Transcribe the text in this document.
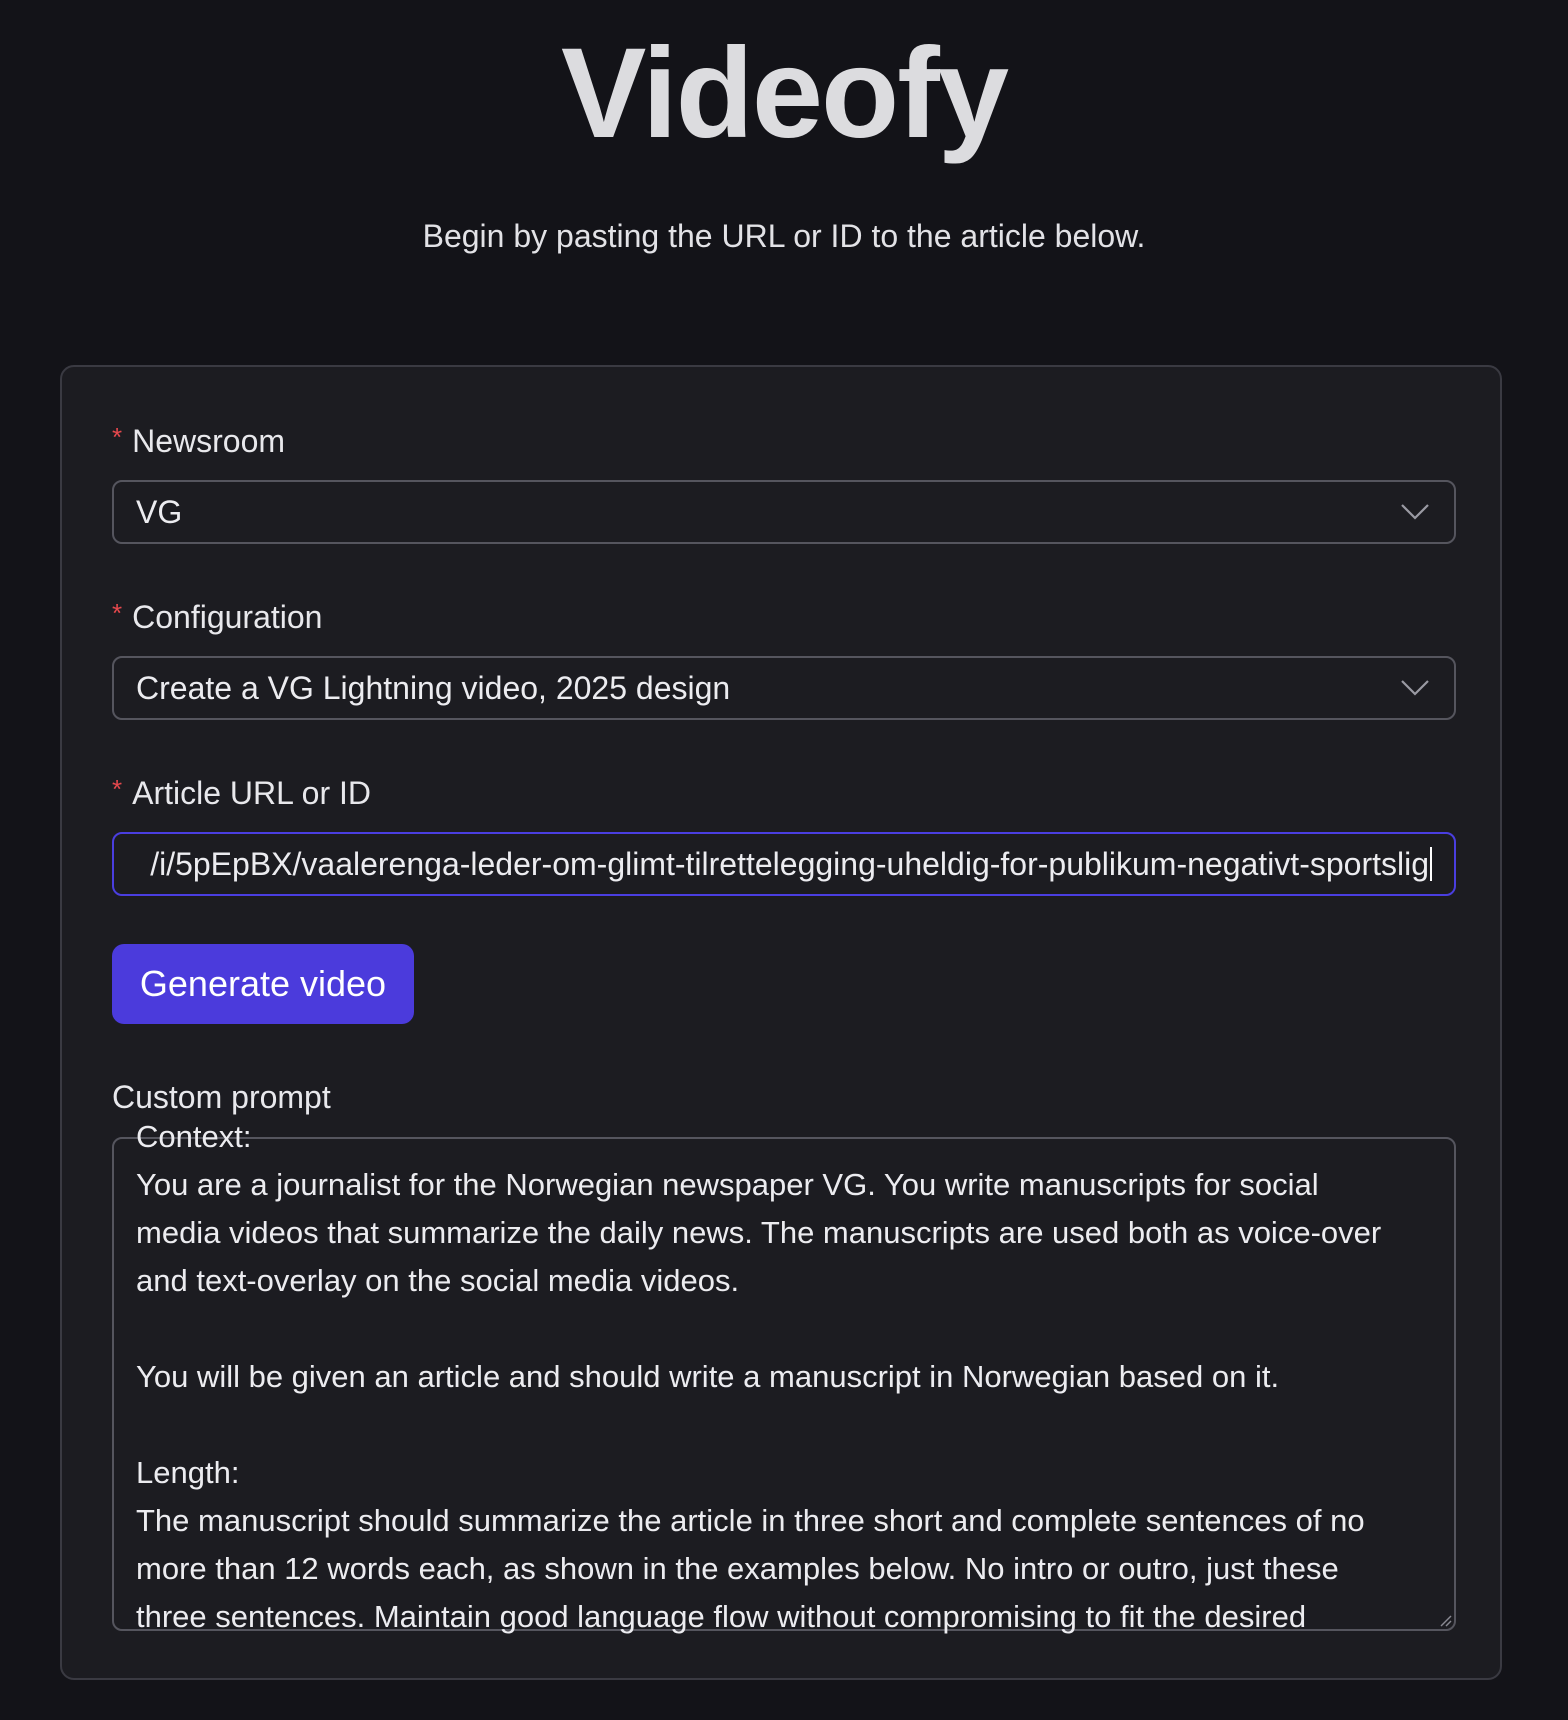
Videofy
Begin by pasting the URL or ID to the article below.
* Newsroom
VG
* Configuration
Create a VG Lightning video, 2025 design
* Article URL or ID
/i/5pEpBX/vaalerenga-leder-om-glimt-tilrettelegging-uheldig-for-publikum-negativt-sportslig
Generate video
Custom prompt
Context:
You are a journalist for the Norwegian newspaper VG. You write manuscripts for social
media videos that summarize the daily news. The manuscripts are used both as voice-over
and text-overlay on the social media videos.
You will be given an article and should write a manuscript in Norwegian based on it.
Length:
The manuscript should summarize the article in three short and complete sentences of no
more than 12 words each, as shown in the examples below. No intro or outro, just these
three sentences. Maintain good language flow without compromising to fit the desired
